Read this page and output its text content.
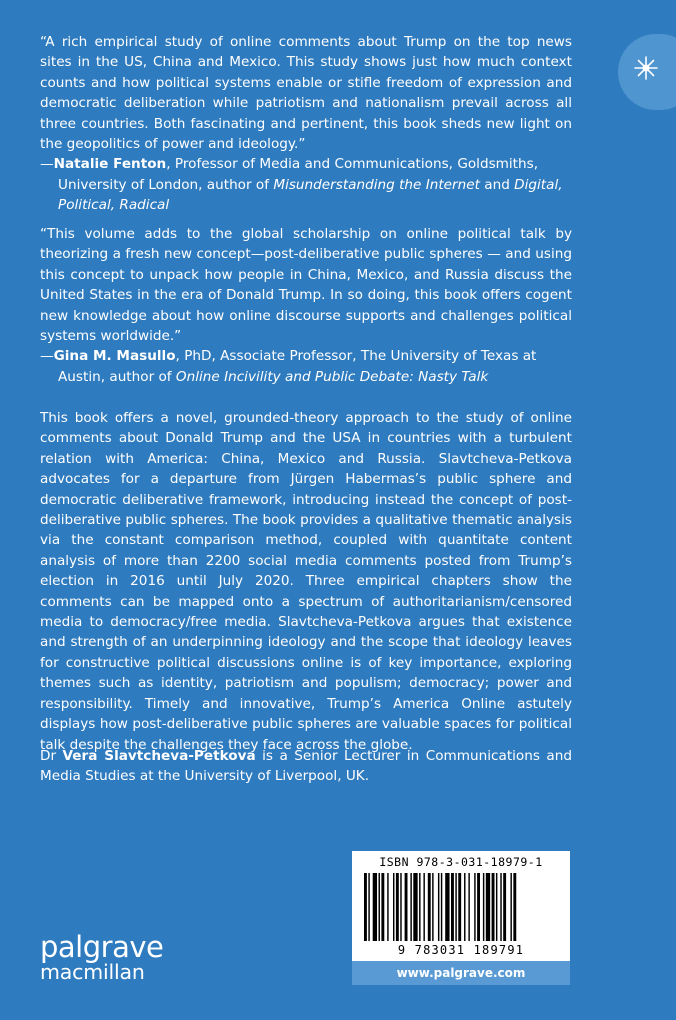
“A rich empirical study of online comments about Trump on the top news sites in the US, China and Mexico. This study shows just how much context counts and how political systems enable or stifle freedom of expression and democratic deliberation while patriotism and nationalism prevail across all three countries. Both fascinating and pertinent, this book sheds new light on the geopolitics of power and ideology.”

—Natalie Fenton, Professor of Media and Communications, Goldsmiths, University of London, author of Misunderstanding the Internet and Digital, Political, Radical

“This volume adds to the global scholarship on online political talk by theorizing a fresh new concept—post-deliberative public spheres — and using this concept to unpack how people in China, Mexico, and Russia discuss the United States in the era of Donald Trump. In so doing, this book offers cogent new knowledge about how online discourse supports and challenges political systems worldwide.”

—Gina M. Masullo, PhD, Associate Professor, The University of Texas at Austin, author of Online Incivility and Public Debate: Nasty Talk

This book offers a novel, grounded-theory approach to the study of online comments about Donald Trump and the USA in countries with a turbulent relation with America: China, Mexico and Russia. Slavtcheva-Petkova advocates for a departure from Jürgen Habermas’s public sphere and democratic deliberative framework, introducing instead the concept of post-deliberative public spheres. The book provides a qualitative thematic analysis via the constant comparison method, coupled with quantitate content analysis of more than 2200 social media comments posted from Trump’s election in 2016 until July 2020. Three empirical chapters show the comments can be mapped onto a spectrum of authoritarianism/censored media to democracy/free media. Slavtcheva-Petkova argues that existence and strength of an underpinning ideology and the scope that ideology leaves for constructive political discussions online is of key importance, exploring themes such as identity, patriotism and populism; democracy; power and responsibility. Timely and innovative, Trump’s America Online astutely displays how post-deliberative public spheres are valuable spaces for political talk despite the challenges they face across the globe.

Dr Vera Slavtcheva-Petkova is a Senior Lecturer in Communications and Media Studies at the University of Liverpool, UK.

ISBN 978-3-031-18979-1
9 783031 189791
www.palgrave.com
palgrave
macmillan
